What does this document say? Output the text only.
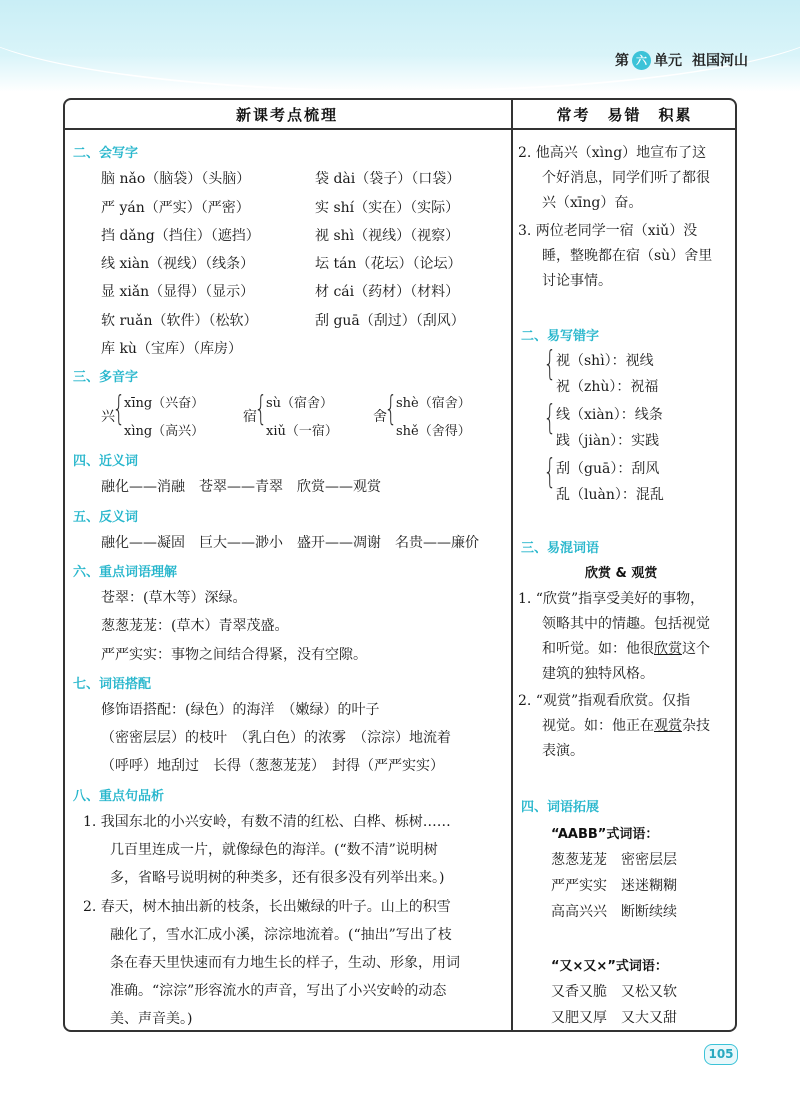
第 六 单元 祖国河山
新课考点梳理	常考　易错　积累
二、会写字
脑 nǎo（脑袋）（头脑）	袋 dài（袋子）（口袋）
严 yán（严实）（严密）	实 shí（实在）（实际）
挡 dǎng（挡住）（遮挡）	视 shì（视线）（视察）
线 xiàn（视线）（线条）	坛 tán（花坛）（论坛）
显 xiǎn（显得）（显示）	材 cái（药材）（材料）
软 ruǎn（软件）（松软）	刮 guā（刮过）（刮风）
库 kù（宝库）（库房）
三、多音字
兴
{
xīng（兴奋）
xìng（高兴）
宿
{
sù（宿舍）
xiǔ（一宿）
舍
{
shè（宿舍）
shě（舍得）
四、近义词
融化——消融　苍翠——青翠　欣赏——观赏
五、反义词
融化——凝固　巨大——渺小　盛开——凋谢　名贵——廉价
六、重点词语理解
苍翠：(草木等）深绿。
葱葱茏茏：(草木）青翠茂盛。
严严实实：事物之间结合得紧，没有空隙。
七、词语搭配
修饰语搭配：(绿色）的海洋　（嫩绿）的叶子
（密密层层）的枝叶　（乳白色）的浓雾　（淙淙）地流着
（呼呼）地刮过　长得（葱葱茏茏）　封得（严严实实）
八、重点句品析
1. 我国东北的小兴安岭，有数不清的红松、白桦、栎树……
几百里连成一片，就像绿色的海洋。(“数不清”说明树
多，省略号说明树的种类多，还有很多没有列举出来。)
2. 春天，树木抽出新的枝条，长出嫩绿的叶子。山上的积雪
融化了，雪水汇成小溪，淙淙地流着。(“抽出”写出了枝
条在春天里快速而有力地生长的样子，生动、形象，用词
准确。“淙淙”形容流水的声音，写出了小兴安岭的动态
美、声音美。)
2. 他高兴（xìng）地宣布了这
个好消息，同学们听了都很
兴（xīng）奋。
3. 两位老同学一宿（xiǔ）没
睡，整晚都在宿（sù）舍里
讨论事情。
二、易写错字
{ 视（shì）：视线
祝（zhù）：祝福
{ 线（xiàn）：线条
践（jiàn）：实践
{ 刮（guā）：刮风
乱（luàn）：混乱
三、易混词语
欣赏 & 观赏
1. “欣赏”指享受美好的事物，
领略其中的情趣。包括视觉
和听觉。如：他很欣赏这个
建筑的独特风格。
2. “观赏”指观看欣赏。仅指
视觉。如：他正在观赏杂技
表演。
四、词语拓展
“AABB”式词语：
葱葱茏茏　密密层层
严严实实　迷迷糊糊
高高兴兴　断断续续
“又×又×”式词语：
又香又脆　又松又软
又肥又厚　又大又甜
105
